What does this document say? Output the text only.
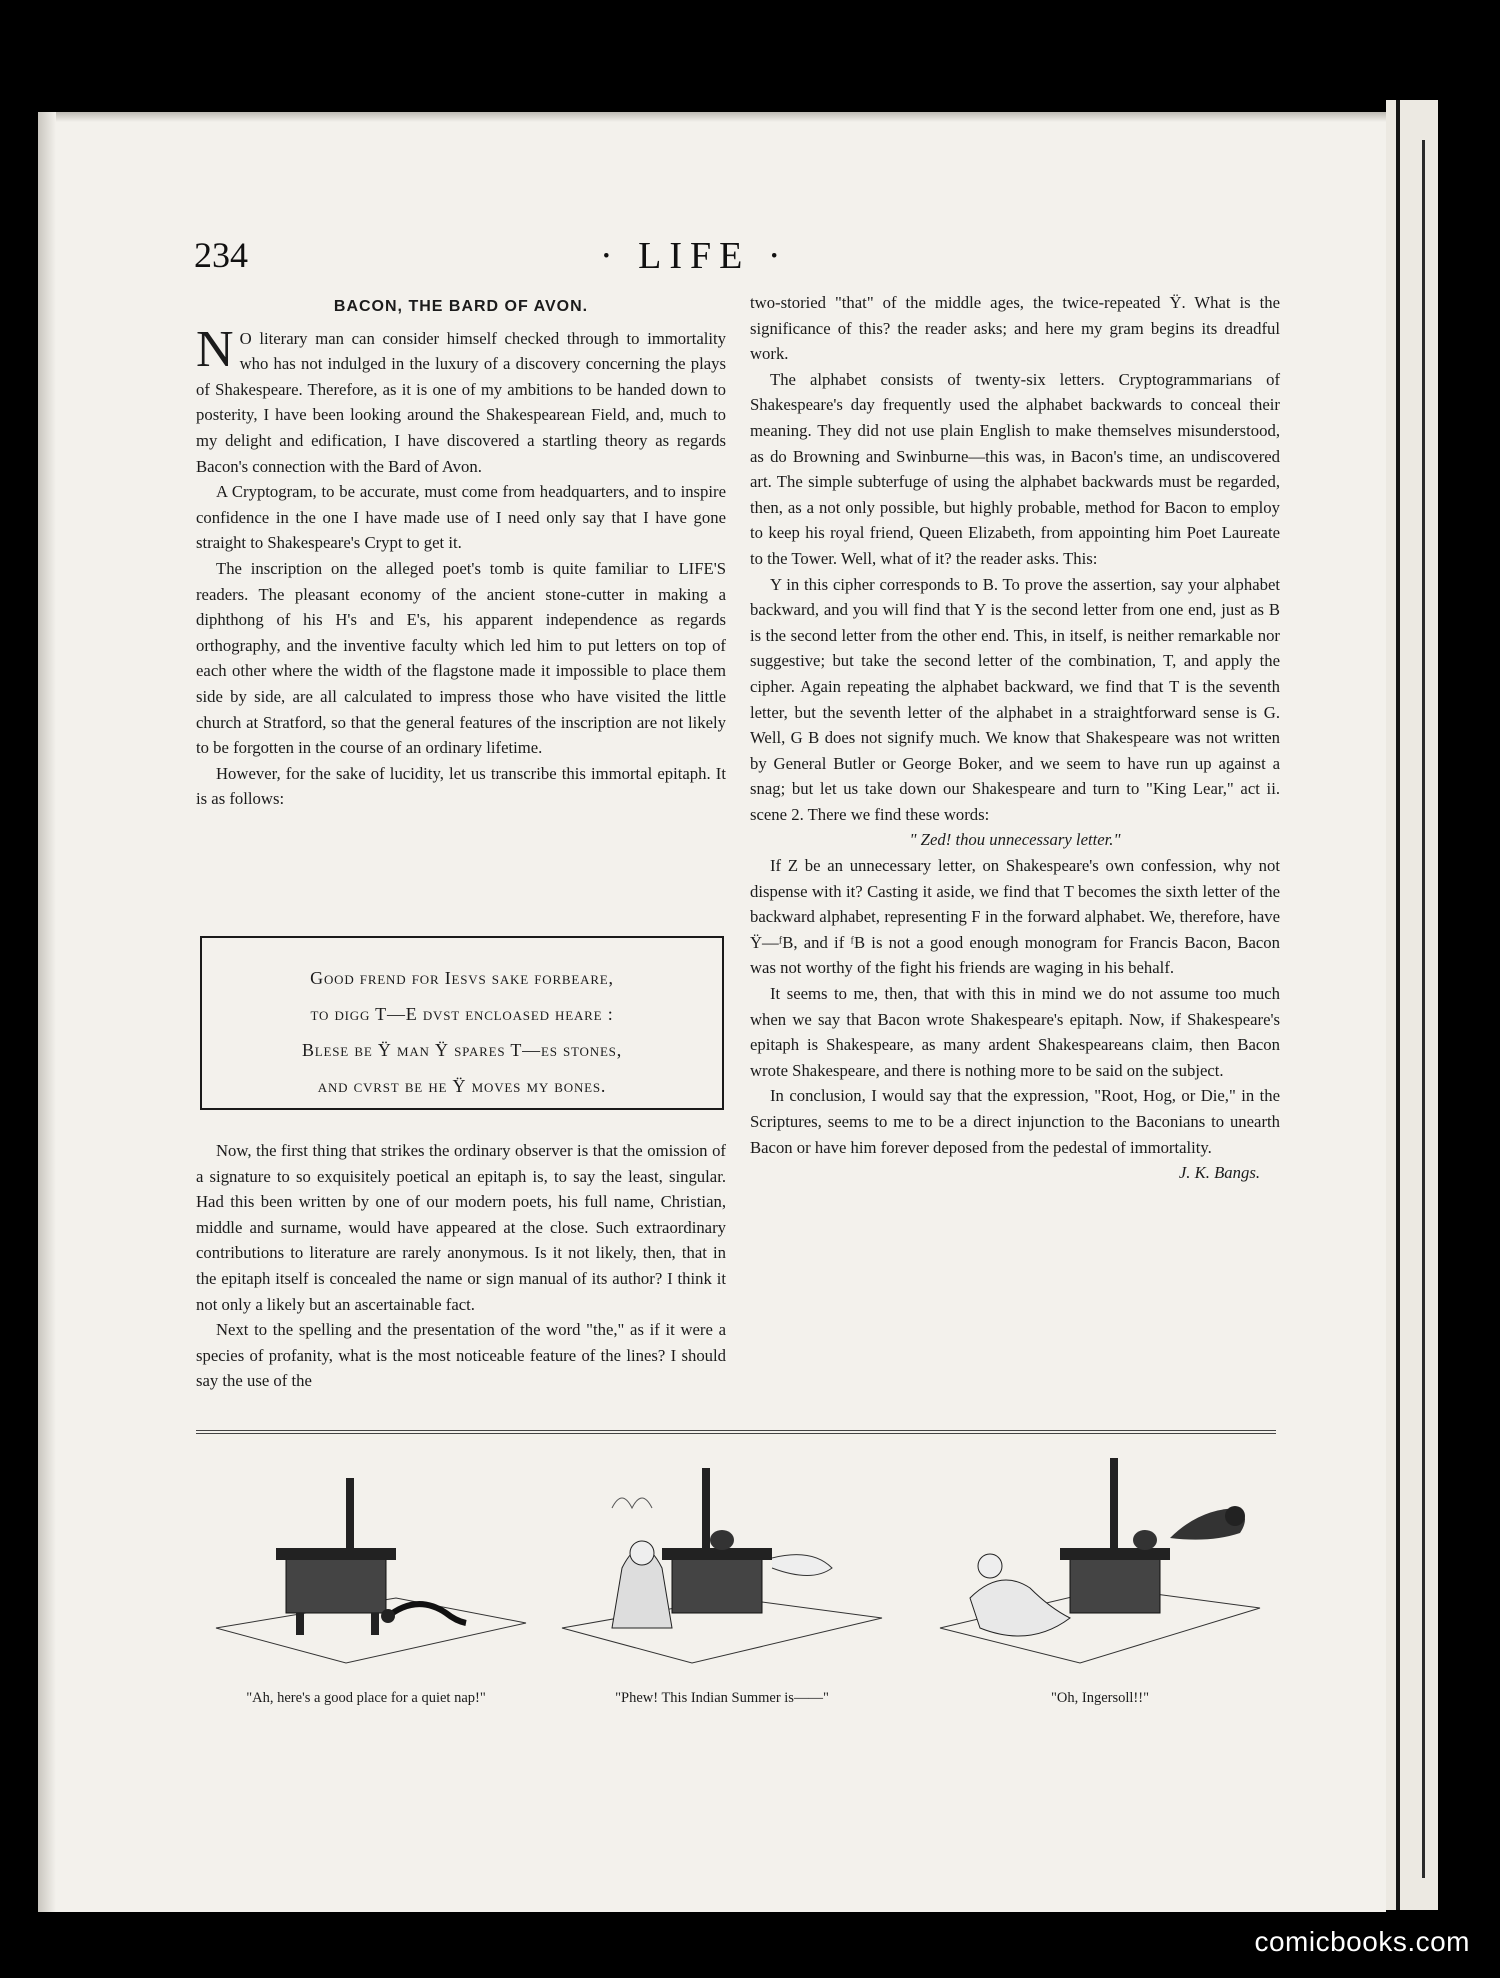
234	· LIFE ·
BACON, THE BARD OF AVON.

N O literary man can consider himself checked through to immortality who has not indulged in the luxury of a discovery concerning the plays of Shakespeare. Therefore, as it is one of my ambitions to be handed down to posterity, I have been looking around the Shakespearean Field, and, much to my delight and edification, I have discovered a startling theory as regards Bacon's connection with the Bard of Avon.

A Cryptogram, to be accurate, must come from headquarters, and to inspire confidence in the one I have made use of I need only say that I have gone straight to Shakespeare's Crypt to get it.

The inscription on the alleged poet's tomb is quite familiar to LIFE'S readers. The pleasant economy of the ancient stone-cutter in making a diphthong of his H's and E's, his apparent independence as regards orthography, and the inventive faculty which led him to put letters on top of each other where the width of the flagstone made it impossible to place them side by side, are all calculated to impress those who have visited the little church at Stratford, so that the general features of the inscription are not likely to be forgotten in the course of an ordinary lifetime.

However, for the sake of lucidity, let us transcribe this immortal epitaph. It is as follows:

Good frend for Iesvs sake forbeare,
to digg T—E dvst encloased heare :
Blese be Ÿ man Ÿ spares T—es stones,
and cvrst be he Ÿ moves my bones.

Now, the first thing that strikes the ordinary observer is that the omission of a signature to so exquisitely poetical an epitaph is, to say the least, singular. Had this been written by one of our modern poets, his full name, Christian, middle and surname, would have appeared at the close. Such extraordinary contributions to literature are rarely anonymous. Is it not likely, then, that in the epitaph itself is concealed the name or sign manual of its author? I think it not only a likely but an ascertainable fact.

Next to the spelling and the presentation of the word "the," as if it were a species of profanity, what is the most noticeable feature of the lines? I should say the use of the

two-storied "that" of the middle ages, the twice-repeated Ÿ. What is the significance of this? the reader asks; and here my gram begins its dreadful work.

The alphabet consists of twenty-six letters. Cryptogrammarians of Shakespeare's day frequently used the alphabet backwards to conceal their meaning. They did not use plain English to make themselves misunderstood, as do Browning and Swinburne—this was, in Bacon's time, an undiscovered art. The simple subterfuge of using the alphabet backwards must be regarded, then, as a not only possible, but highly probable, method for Bacon to employ to keep his royal friend, Queen Elizabeth, from appointing him Poet Laureate to the Tower. Well, what of it? the reader asks. This:

Y in this cipher corresponds to B. To prove the assertion, say your alphabet backward, and you will find that Y is the second letter from one end, just as B is the second letter from the other end. This, in itself, is neither remarkable nor suggestive; but take the second letter of the combination, T, and apply the cipher. Again repeating the alphabet backward, we find that T is the seventh letter, but the seventh letter of the alphabet in a straightforward sense is G. Well, G B does not signify much. We know that Shakespeare was not written by General Butler or George Boker, and we seem to have run up against a snag; but let us take down our Shakespeare and turn to "King Lear," act ii. scene 2. There we find these words:

" Zed! thou unnecessary letter."

If Z be an unnecessary letter, on Shakespeare's own confession, why not dispense with it? Casting it aside, we find that T becomes the sixth letter of the backward alphabet, representing F in the forward alphabet. We, therefore, have Ÿ—ᶠB, and if ᶠB is not a good enough monogram for Francis Bacon, Bacon was not worthy of the fight his friends are waging in his behalf.

It seems to me, then, that with this in mind we do not assume too much when we say that Bacon wrote Shakespeare's epitaph. Now, if Shakespeare's epitaph is Shakespeare, as many ardent Shakespeareans claim, then Bacon wrote Shakespeare, and there is nothing more to be said on the subject.

In conclusion, I would say that the expression, "Root, Hog, or Die," in the Scriptures, seems to me to be a direct injunction to the Baconians to unearth Bacon or have him forever deposed from the pedestal of immortality.

J. K. Bangs.

"Ah, here's a good place for a quiet nap!"	"Phew! This Indian Summer is——"	"Oh, Ingersoll!!"
comicbooks.com
